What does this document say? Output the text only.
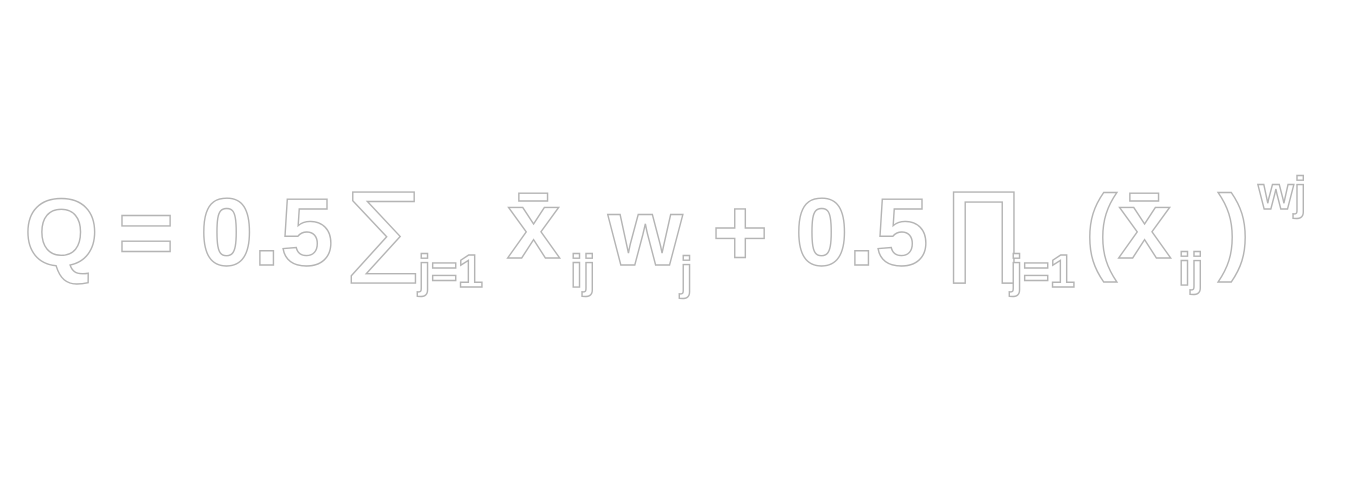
Q = 0.5 ∑ j=1 x̄ ij w
j + 0.5 ∏
j=1 ( x̄ ij ) wj
